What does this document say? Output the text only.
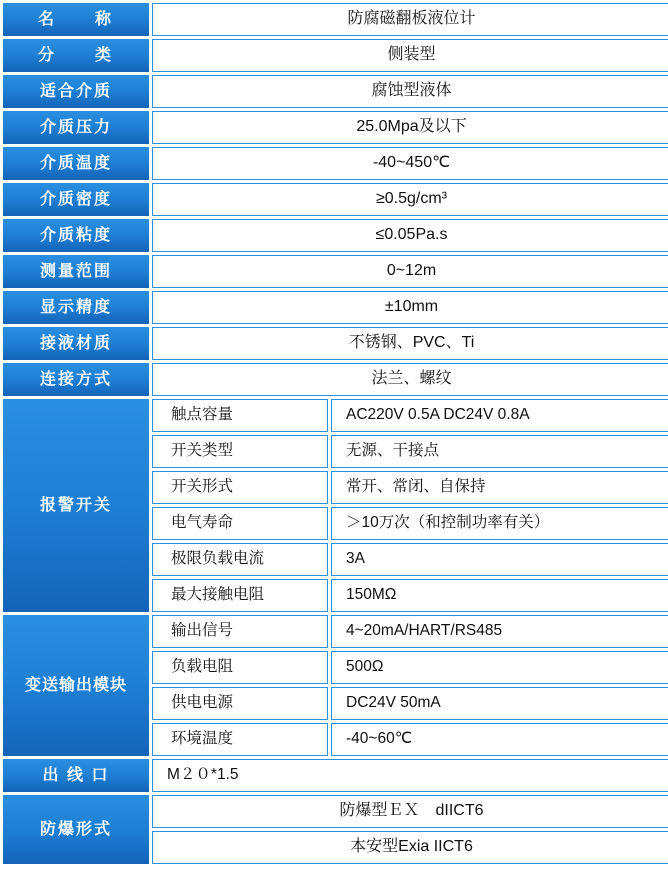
名　　称	防腐磁翻板液位计	

分　　类	侧装型	

适合介质	腐蚀型液体	

介质压力	25.0Mpa及以下	

介质温度	-40~450℃	

介质密度	≥0.5g/cm³	

介质粘度	≤0.05Pa.s	

测量范围	0~12m	

显示精度	±10mm	

接液材质	不锈钢、PVC、Ti	

连接方式	法兰、螺纹	

报警开关	触点容量	AC220V 0.5A DC24V 0.8A

	开关类型	无源、干接点

	开关形式	常开、常闭、自保持

	电气寿命	＞10万次（和控制功率有关）

	极限负载电流	3A

	最大接触电阻	150MΩ

变送输出模块	输出信号	4~20mA/HART/RS485

	负载电阻	500Ω

	供电电源	DC24V 50mA

	环境温度	-40~60℃

出 线 口	M２０*1.5	

防爆形式	防爆型ＥＸ　dIICT6	

	本安型Exia IICT6	
